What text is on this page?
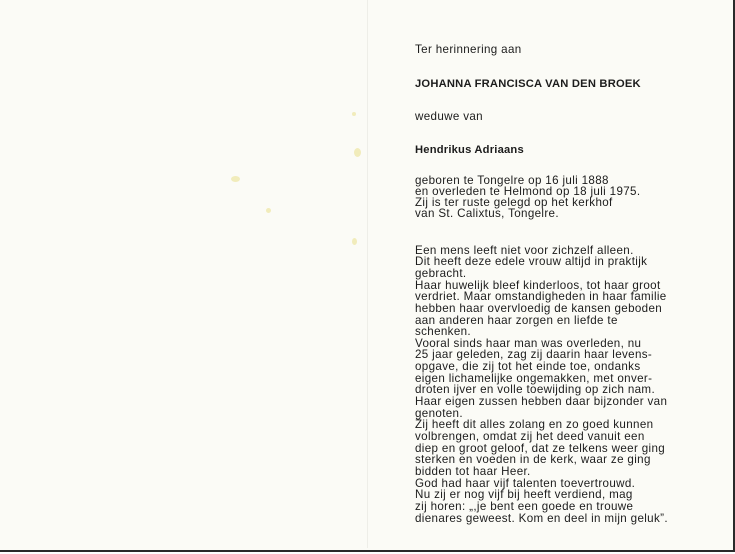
Ter herinnering aan
JOHANNA FRANCISCA VAN DEN BROEK
weduwe van
Hendrikus Adriaans
geboren te Tongelre op 16 juli 1888
en overleden te Helmond op 18 juli 1975.
Zij is ter ruste gelegd op het kerkhof
van St. Calixtus, Tongelre.
Een mens leeft niet voor zichzelf alleen.
Dit heeft deze edele vrouw altijd in praktijk
gebracht.
Haar huwelijk bleef kinderloos, tot haar groot
verdriet. Maar omstandigheden in haar familie
hebben haar overvloedig de kansen geboden
aan anderen haar zorgen en liefde te
schenken.
Vooral sinds haar man was overleden, nu
25 jaar geleden, zag zij daarin haar levens-
opgave, die zij tot het einde toe, ondanks
eigen lichamelijke ongemakken, met onver-
droten ijver en volle toewijding op zich nam.
Haar eigen zussen hebben daar bijzonder van
genoten.
Zij heeft dit alles zolang en zo goed kunnen
volbrengen, omdat zij het deed vanuit een
diep en groot geloof, dat ze telkens weer ging
sterken en voeden in de kerk, waar ze ging
bidden tot haar Heer.
God had haar vijf talenten toevertrouwd.
Nu zij er nog vijf bij heeft verdiend, mag
zij horen: „,je bent een goede en trouwe
dienares geweest. Kom en deel in mijn geluk”.
